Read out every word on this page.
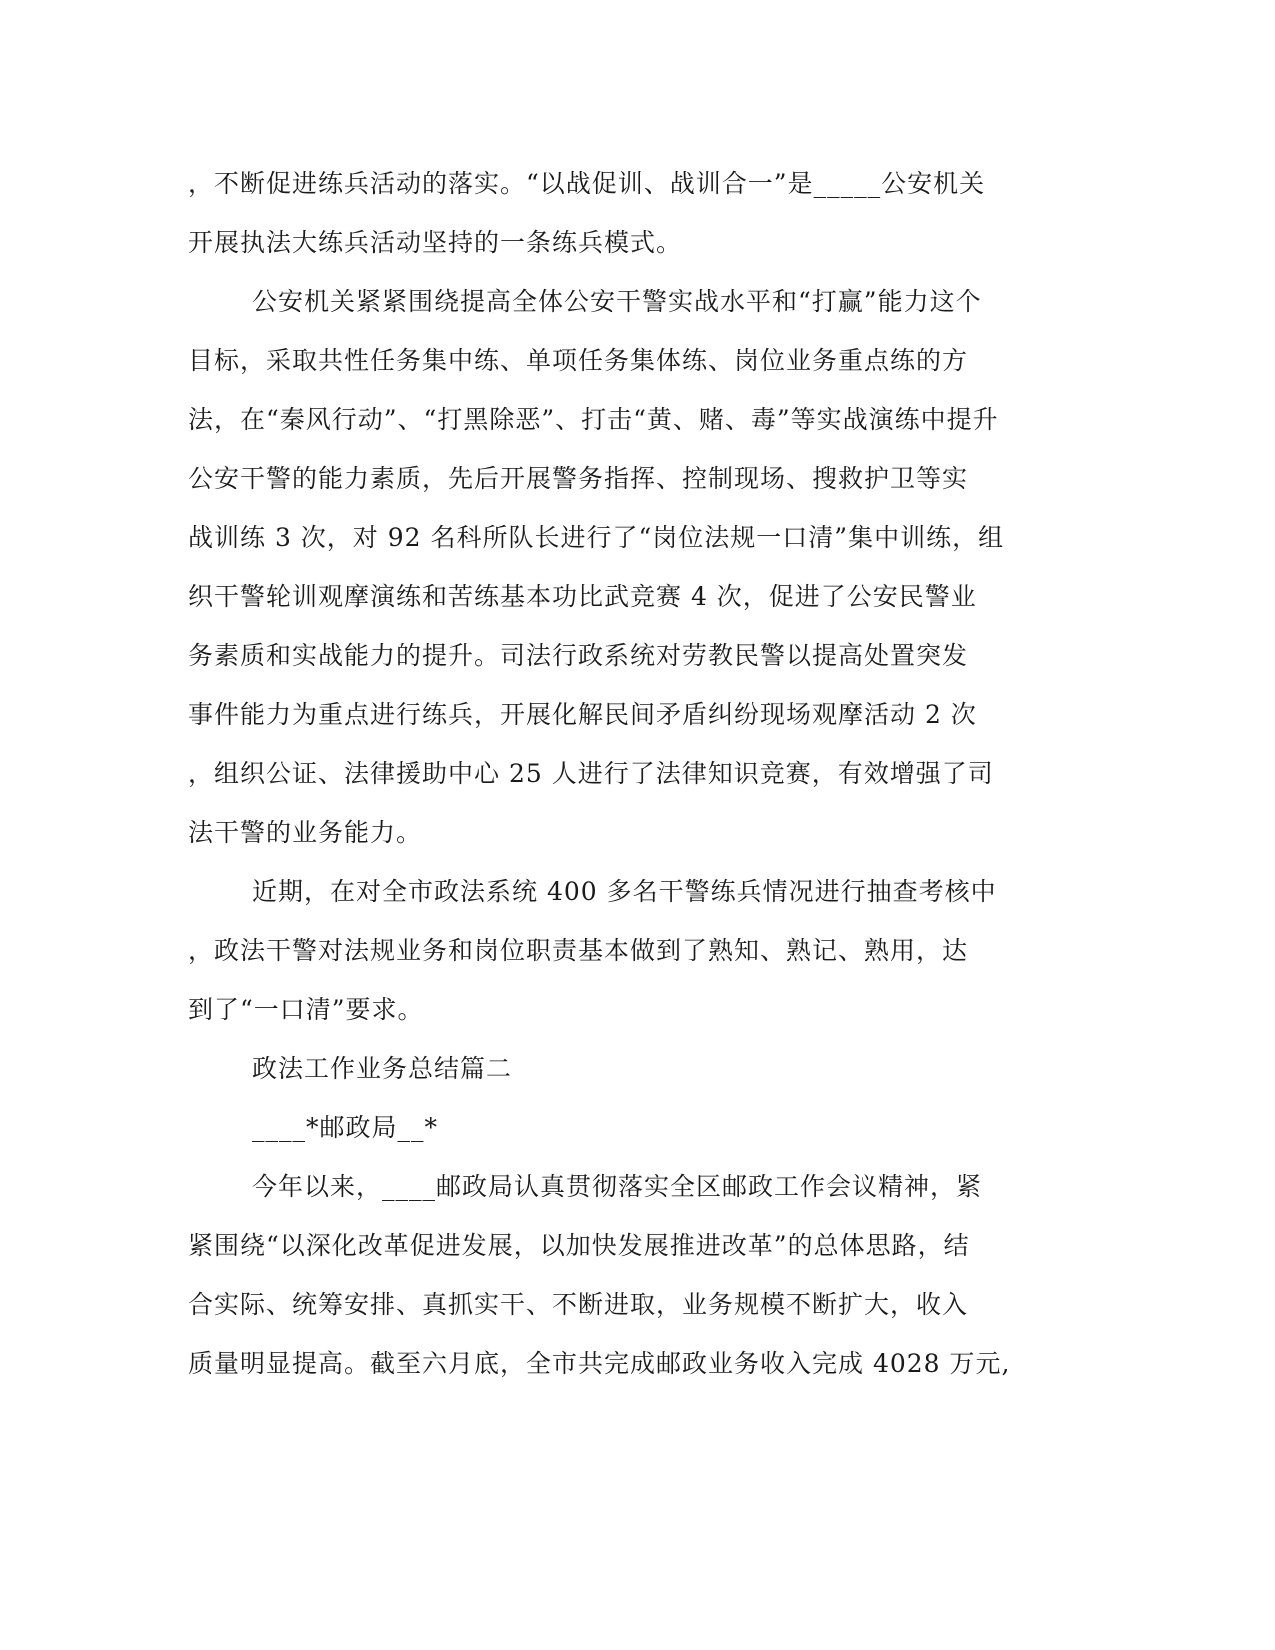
，不断促进练兵活动的落实。“以战促训、战训合一”是_____公安机关
开展执法大练兵活动坚持的一条练兵模式。
公安机关紧紧围绕提高全体公安干警实战水平和“打赢”能力这个
目标，采取共性任务集中练、单项任务集体练、岗位业务重点练的方
法，在“秦风行动”、“打黑除恶”、打击“黄、赌、毒”等实战演练中提升
公安干警的能力素质，先后开展警务指挥、控制现场、搜救护卫等实
战训练 3 次，对 92 名科所队长进行了“岗位法规一口清”集中训练，组
织干警轮训观摩演练和苦练基本功比武竞赛 4 次，促进了公安民警业
务素质和实战能力的提升。司法行政系统对劳教民警以提高处置突发
事件能力为重点进行练兵，开展化解民间矛盾纠纷现场观摩活动 2 次
，组织公证、法律援助中心 25 人进行了法律知识竞赛，有效增强了司
法干警的业务能力。
近期，在对全市政法系统 400 多名干警练兵情况进行抽查考核中
，政法干警对法规业务和岗位职责基本做到了熟知、熟记、熟用，达
到了“一口清”要求。
政法工作业务总结篇二
____*邮政局__*
今年以来，____邮政局认真贯彻落实全区邮政工作会议精神，紧
紧围绕“以深化改革促进发展，以加快发展推进改革”的总体思路，结
合实际、统筹安排、真抓实干、不断进取，业务规模不断扩大，收入
质量明显提高。截至六月底，全市共完成邮政业务收入完成 4028 万元,
